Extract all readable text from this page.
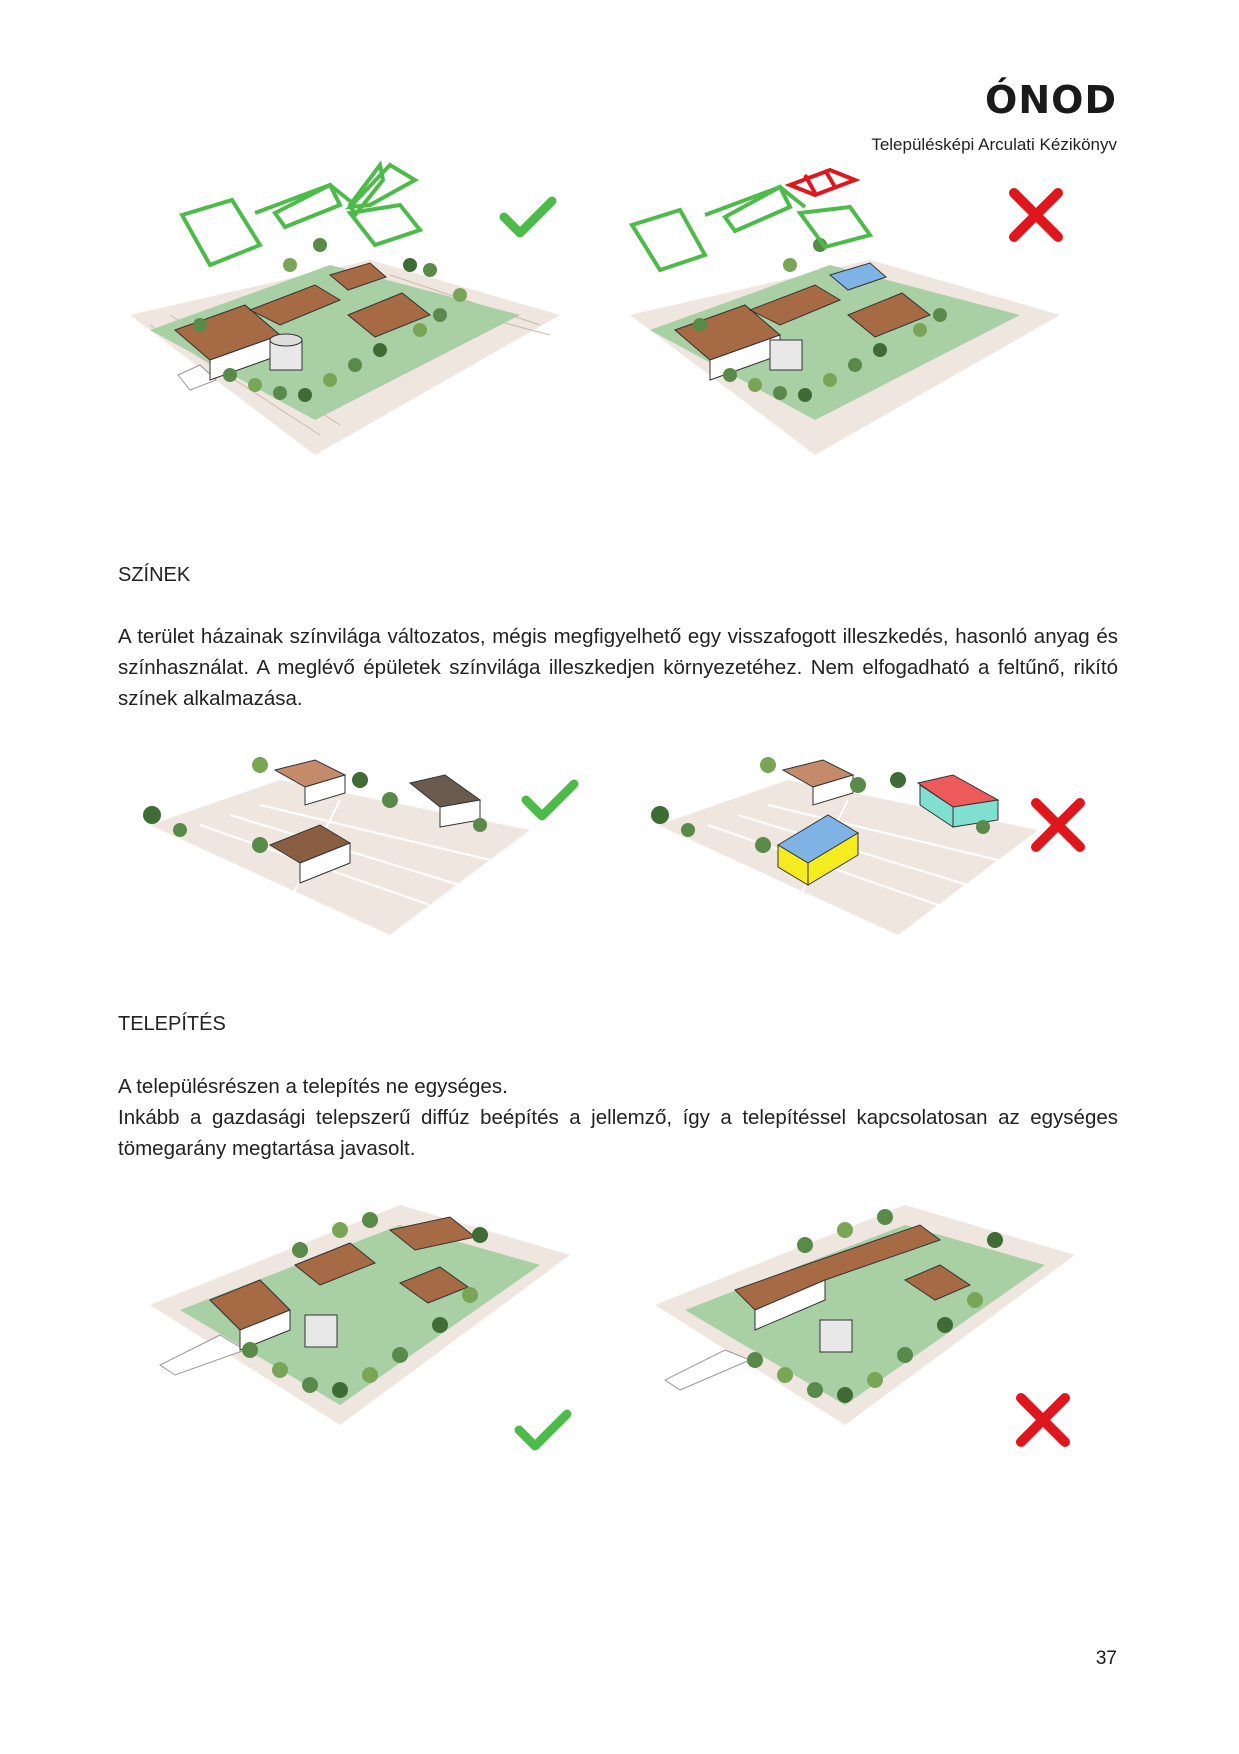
ÓNOD
Településképi Arculati Kézikönyv
SZÍNEK

A terület házainak színvilága változatos, mégis megfigyelhető egy visszafogott illeszkedés, hasonló anyag és színhasználat. A meglévő épületek színvilága illeszkedjen környezetéhez. Nem elfogadható a feltűnő, rikító színek alkalmazása.

TELEPÍTÉS

A településrészen a telepítés ne egységes.

Inkább a gazdasági telepszerű diffúz beépítés a jellemző, így a telepítéssel kapcsolatosan az egységes tömegarány megtartása javasolt.

37
